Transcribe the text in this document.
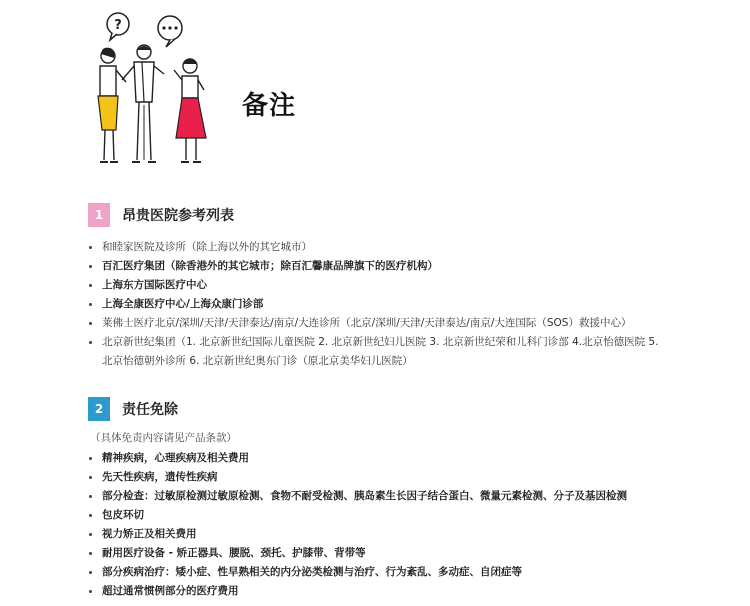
?
备注
1	昂贵医院参考列表
和睦家医院及诊所（除上海以外的其它城市）
百汇医疗集团（除香港外的其它城市；除百汇馨康品牌旗下的医疗机构）
上海东方国际医疗中心
上海全康医疗中心/上海众康门诊部
莱佛士医疗北京/深圳/天津/天津泰达/南京/大连诊所（北京/深圳/天津/天津泰达/南京/大连国际（SOS）救援中心）
北京新世纪集团（1. 北京新世纪国际儿童医院 2. 北京新世纪妇儿医院 3. 北京新世纪荣和儿科门诊部 4.北京怡德医院 5. 北京怡德朝外诊所 6. 北京新世纪奥东门诊（原北京美华妇儿医院）
2	责任免除
（具体免责内容请见产品条款）
精神疾病，心理疾病及相关费用
先天性疾病，遗传性疾病
部分检查：过敏原检测过敏原检测、食物不耐受检测、胰岛素生长因子结合蛋白、微量元素检测、分子及基因检测
包皮环切
视力矫正及相关费用
耐用医疗设备 - 矫正器具、腰脱、颈托、护膝带、背带等
部分疾病治疗：矮小症、性早熟相关的内分泌类检测与治疗、行为紊乱、多动症、自闭症等
超过通常惯例部分的医疗费用
